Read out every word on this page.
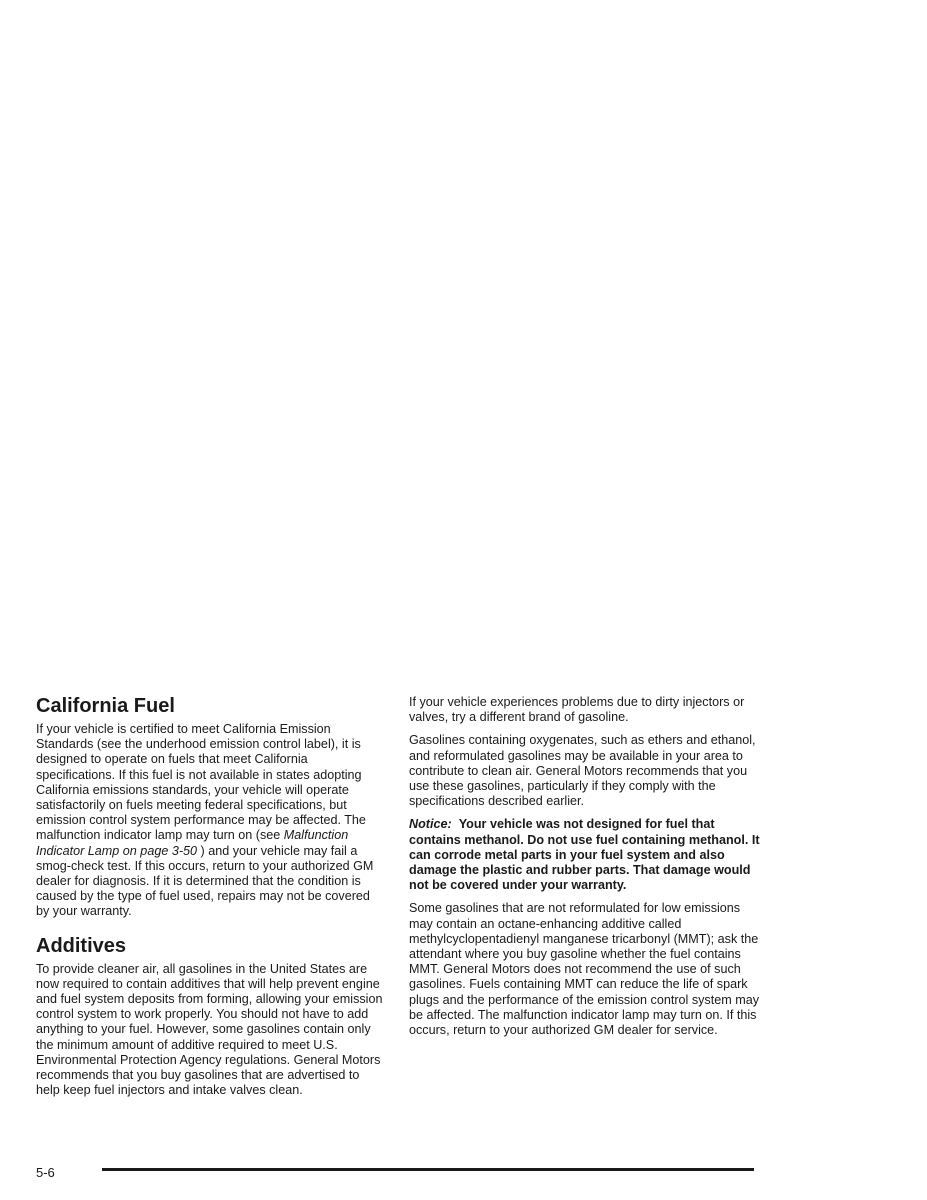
California Fuel

If your vehicle is certified to meet California Emission Standards (see the underhood emission control label), it is designed to operate on fuels that meet California specifications. If this fuel is not available in states adopting California emissions standards, your vehicle will operate satisfactorily on fuels meeting federal specifications, but emission control system performance may be affected. The malfunction indicator lamp may turn on (see Malfunction Indicator Lamp on page 3-50 ) and your vehicle may fail a smog-check test. If this occurs, return to your authorized GM dealer for diagnosis. If it is determined that the condition is caused by the type of fuel used, repairs may not be covered by your warranty.

Additives

To provide cleaner air, all gasolines in the United States are now required to contain additives that will help prevent engine and fuel system deposits from forming, allowing your emission control system to work properly. You should not have to add anything to your fuel. However, some gasolines contain only the minimum amount of additive required to meet U.S. Environmental Protection Agency regulations. General Motors recommends that you buy gasolines that are advertised to help keep fuel injectors and intake valves clean.

If your vehicle experiences problems due to dirty injectors or valves, try a different brand of gasoline.

Gasolines containing oxygenates, such as ethers and ethanol, and reformulated gasolines may be available in your area to contribute to clean air. General Motors recommends that you use these gasolines, particularly if they comply with the specifications described earlier.

Notice: Your vehicle was not designed for fuel that contains methanol. Do not use fuel containing methanol. It can corrode metal parts in your fuel system and also damage the plastic and rubber parts. That damage would not be covered under your warranty.

Some gasolines that are not reformulated for low emissions may contain an octane-enhancing additive called methylcyclopentadienyl manganese tricarbonyl (MMT); ask the attendant where you buy gasoline whether the fuel contains MMT. General Motors does not recommend the use of such gasolines. Fuels containing MMT can reduce the life of spark plugs and the performance of the emission control system may be affected. The malfunction indicator lamp may turn on. If this occurs, return to your authorized GM dealer for service.

5-6
